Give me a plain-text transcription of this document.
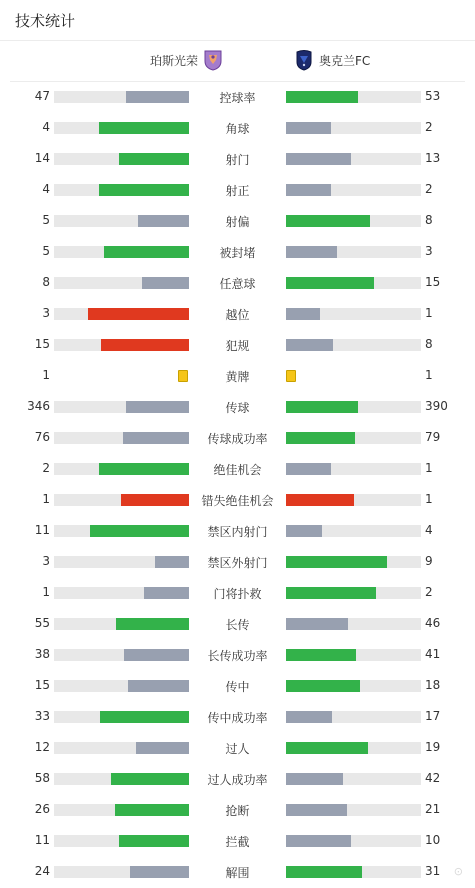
技术统计
珀斯光荣	奥克兰FC
47	控球率	53
4	角球	2
14	射门	13
4	射正	2
5	射偏	8
5	被封堵	3
8	任意球	15
3	越位	1
15	犯规	8
1	黄牌	1
346	传球	390
76	传球成功率	79
2	绝佳机会	1
1	错失绝佳机会	1
11	禁区内射门	4
3	禁区外射门	9
1	门将扑救	2
55	长传	46
38	长传成功率	41
15	传中	18
33	传中成功率	17
12	过人	19
58	过人成功率	42
26	抢断	21
11	拦截	10
24	解围	31 ⊙
